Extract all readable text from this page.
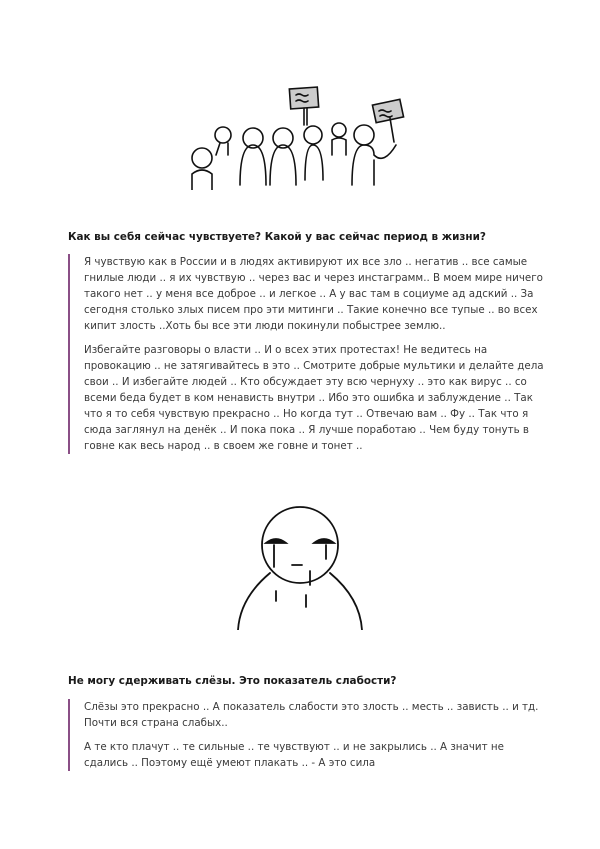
Как вы себя сейчас чувствуете? Какой у вас сейчас период в жизни?

Я чувствую как в России и в людях активируют их все зло .. негатив .. все самые гнилые люди .. я их чувствую .. через вас и через инстаграмм.. В моем мире ничего такого нет .. у меня все доброе .. и легкое .. А у вас там в социуме ад адский .. За сегодня столько злых писем про эти митинги .. Такие конечно все тупые .. во всех кипит злость ..Хоть бы все эти люди покинули побыстрее землю..

Избегайте разговоры о власти .. И о всех этих протестах! Не ведитесь на провокацию .. не затягивайтесь в это .. Смотрите добрые мультики и делайте дела свои .. И избегайте людей .. Кто обсуждает эту всю чернуху .. это как вирус .. со всеми беда будет в ком ненависть внутри .. Ибо это ошибка и заблуждение .. Так что я то себя чувствую прекрасно .. Но когда тут .. Отвечаю вам .. Фу .. Так что я сюда заглянул на денёк .. И пока пока .. Я лучше поработаю .. Чем буду тонуть в говне как весь народ .. в своем же говне и тонет ..

Не могу сдерживать слёзы. Это показатель слабости?

Слёзы это прекрасно .. А показатель слабости это злость .. месть .. зависть .. и тд. Почти вся страна слабых..

А те кто плачут .. те сильные .. те чувствуют .. и не закрылись .. А значит не сдались .. Поэтому ещё умеют плакать .. - А это сила
